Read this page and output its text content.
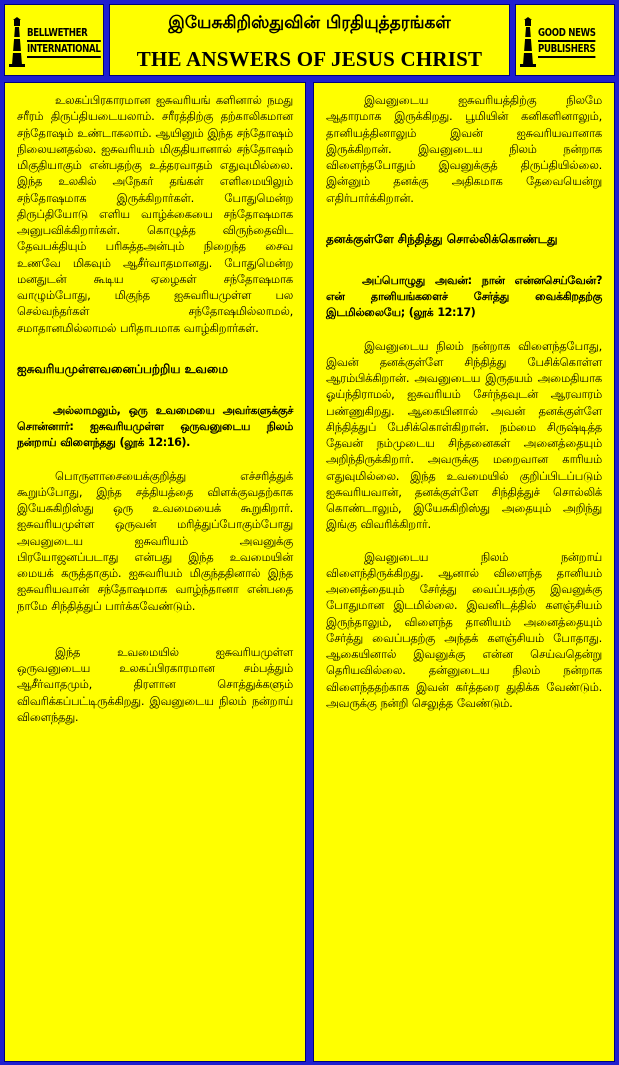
BELLWETHER
INTERNATIONAL
இயேசுகிறிஸ்துவின் பிரதியுத்தரங்கள்
THE ANSWERS OF JESUS CHRIST
GOOD NEWS
PUBLISHERS

உலகப்பிரகாரமான ஐசுவரியங் களினால் நமது சரீரம் திருப்தியடையலாம். சரீரத்திற்கு தற்காலிகமான சந்தோஷம் உண்டாகலாம். ஆயினும் இந்த சந்தோஷம் நிலையனதல்ல. ஐசுவரியம் மிகுதியானால் சந்தோஷம் மிகுதியாகும் என்பதற்கு உத்தரவாதம் எதுவுமில்லை. இந்த உலகில் அநேகர் தங்கள் எளிமையிலும் சந்தோஷமாக இருக்கிறார்கள். போதுமென்ற திருப்தியோடு எளிய வாழ்க்கையை சந்தோஷமாக அனுபவிக்கிறார்கள். கொழுத்த விருந்தைவிட தேவபக்தியும் பரிசுத்தஅன்பும் நிறைந்த சைவ உணவே மிகவும் ஆசீர்வாதமானது. போதுமென்ற மனதுடன் கூடிய ஏழைகள் சந்தோஷமாக வாழும்போது, மிகுந்த ஐசுவரியமுள்ள பல செல்வந்தர்கள் சந்தோஷமில்லாமல், சமாதானமில்லாமல் பரிதாபமாக வாழ்கிறார்கள்.

ஐசுவரியமுள்ளவனைப்பற்றிய உவமை

அல்லாமலும், ஒரு உவமையை அவர்களுக்குச் சொன்னார்: ஐசுவரியமுள்ள ஒருவனுடைய நிலம் நன்றாய் விளைந்தது (லூக் 12:16).

பொருளாசையைக்குறித்து எச்சரித்துக் கூறும்போது, இந்த சத்தியத்தை விளக்குவதற்காக இயேசுகிறிஸ்து ஒரு உவமையைக் கூறுகிறார். ஐசுவரியமுள்ள ஒருவன் மரித்துப்போகும்போது அவனுடைய ஐசுவரியம் அவனுக்கு பிரயோஜனப்படாது என்பது இந்த உவமையின் மையக் கருத்தாகும். ஐசுவரியம் மிகுந்ததினால் இந்த ஐசுவரியவான் சந்தோஷமாக வாழ்ந்தானா என்பதை நாமே சிந்தித்துப் பார்க்கவேண்டும்.

இந்த உவமையில் ஐசுவரியமுள்ள ஒருவனுடைய உலகப்பிரகாரமான சம்பத்தும் ஆசீர்வாதமும், திரளான சொத்துக்களும் விவரிக்கப்பட்டிருக்கிறது. இவனுடைய நிலம் நன்றாய் விளைந்தது.

இவனுடைய ஐசுவரியத்திற்கு நிலமே ஆதாரமாக இருக்கிறது. பூமியின் கனிகளினாலும், தானியத்தினாலும் இவன் ஐசுவரியவானாக இருக்கிறான். இவனுடைய நிலம் நன்றாக விளைந்தபோதும் இவனுக்குத் திருப்தியில்லை. இன்னும் தனக்கு அதிகமாக தேவையென்று எதிர்பார்க்கிறான்.

தனக்குள்ளே சிந்தித்து சொல்லிக்கொண்டது

அப்பொழுது அவன்: நான் என்னசெய்வேன்? என் தானியங்களைச் சேர்த்து வைக்கிறதற்கு இடமில்லையே; (லூக் 12:17)

இவனுடைய நிலம் நன்றாக விளைந்தபோது, இவன் தனக்குள்ளே சிந்தித்து பேசிக்கொள்ள ஆரம்பிக்கிறான். அவனுடைய இருதயம் அமைதியாக ஓய்ந்திராமல், ஐசுவரியம் சேர்ந்தவுடன் ஆரவாரம் பண்ணுகிறது. ஆகையினால் அவன் தனக்குள்ளே சிந்தித்துப் பேசிக்கொள்கிறான். நம்மை சிருஷ்டித்த தேவன் நம்முடைய சிந்தனைகள் அனைத்தையும் அறிந்திருக்கிறார். அவருக்கு மறைவான காரியம் எதுவுமில்லை. இந்த உவமையில் குறிப்பிடப்படும் ஐசுவரியவான், தனக்குள்ளே சிந்தித்துச் சொல்லிக் கொண்டாலும், இயேசுகிறிஸ்து அதையும் அறிந்து இங்கு விவரிக்கிறார்.

இவனுடைய நிலம் நன்றாய் விளைந்திருக்கிறது. ஆனால் விளைந்த தானியம் அனைத்தையும் சேர்த்து வைப்பதற்கு இவனுக்கு போதுமான இடமில்லை. இவனிடத்தில் களஞ்சியம் இருந்தாலும், விளைந்த தானியம் அனைத்தையும் சேர்த்து வைப்பதற்கு அந்தக் களஞ்சியம் போதாது. ஆகையினால் இவனுக்கு என்ன செய்வதென்று தெரியவில்லை. தன்னுடைய நிலம் நன்றாக விளைந்ததற்காக இவன் கர்த்தரை துதிக்க வேண்டும். அவருக்கு நன்றி செலுத்த வேண்டும்.
